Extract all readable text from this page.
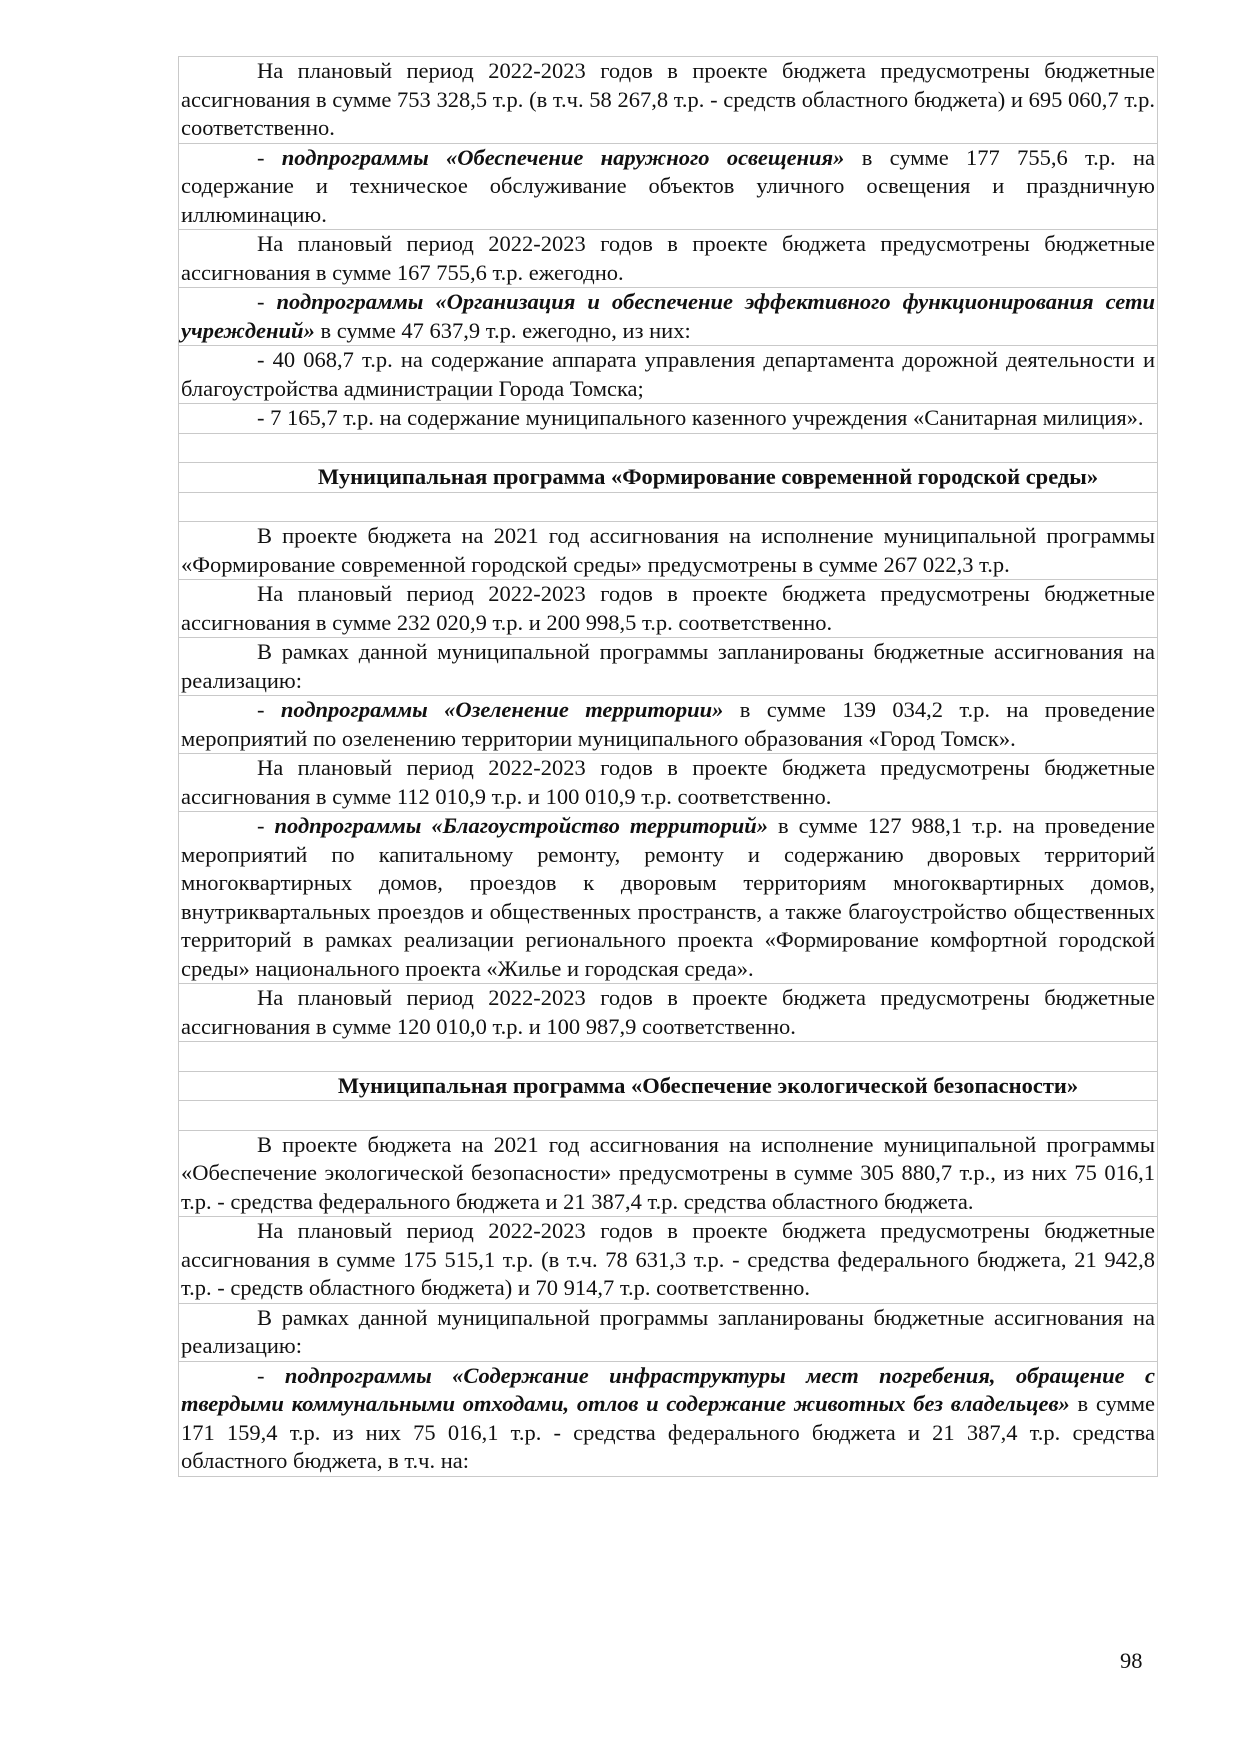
На плановый период 2022-2023 годов в проекте бюджета предусмотрены бюджетные ассигнования в сумме 753 328,5 т.р. (в т.ч. 58 267,8 т.р. - средств областного бюджета) и 695 060,7 т.р. соответственно.

- подпрограммы «Обеспечение наружного освещения» в сумме 177 755,6 т.р. на содержание и техническое обслуживание объектов уличного освещения и праздничную иллюминацию.

На плановый период 2022-2023 годов в проекте бюджета предусмотрены бюджетные ассигнования в сумме 167 755,6 т.р. ежегодно.

- подпрограммы «Организация и обеспечение эффективного функционирования сети учреждений» в сумме 47 637,9 т.р. ежегодно, из них:

- 40 068,7 т.р. на содержание аппарата управления департамента дорожной деятельности и благоустройства администрации Города Томска;

- 7 165,7 т.р. на содержание муниципального казенного учреждения «Санитарная милиция».

Муниципальная программа «Формирование современной городской среды»

В проекте бюджета на 2021 год ассигнования на исполнение муниципальной программы «Формирование современной городской среды» предусмотрены в сумме 267 022,3 т.р.

На плановый период 2022-2023 годов в проекте бюджета предусмотрены бюджетные ассигнования в сумме 232 020,9 т.р. и 200 998,5 т.р. соответственно.

В рамках данной муниципальной программы запланированы бюджетные ассигнования на реализацию:

- подпрограммы «Озеленение территории» в сумме 139 034,2 т.р. на проведение мероприятий по озеленению территории муниципального образования «Город Томск».

На плановый период 2022-2023 годов в проекте бюджета предусмотрены бюджетные ассигнования в сумме 112 010,9 т.р. и 100 010,9 т.р. соответственно.

- подпрограммы «Благоустройство территорий» в сумме 127 988,1 т.р. на проведение мероприятий по капитальному ремонту, ремонту и содержанию дворовых территорий многоквартирных домов, проездов к дворовым территориям многоквартирных домов, внутриквартальных проездов и общественных пространств, а также благоустройство общественных территорий в рамках реализации регионального проекта «Формирование комфортной городской среды» национального проекта «Жилье и городская среда».

На плановый период 2022-2023 годов в проекте бюджета предусмотрены бюджетные ассигнования в сумме 120 010,0 т.р. и 100 987,9 соответственно.

Муниципальная программа «Обеспечение экологической безопасности»

В проекте бюджета на 2021 год ассигнования на исполнение муниципальной программы «Обеспечение экологической безопасности» предусмотрены в сумме 305 880,7 т.р., из них 75 016,1 т.р. - средства федерального бюджета и 21 387,4 т.р. средства областного бюджета.

На плановый период 2022-2023 годов в проекте бюджета предусмотрены бюджетные ассигнования в сумме 175 515,1 т.р. (в т.ч. 78 631,3 т.р. - средства федерального бюджета, 21 942,8 т.р. - средств областного бюджета) и 70 914,7 т.р. соответственно.

В рамках данной муниципальной программы запланированы бюджетные ассигнования на реализацию:

- подпрограммы «Содержание инфраструктуры мест погребения, обращение с твердыми коммунальными отходами, отлов и содержание животных без владельцев» в сумме 171 159,4 т.р. из них 75 016,1 т.р. - средства федерального бюджета и 21 387,4 т.р. средства областного бюджета, в т.ч. на:

98
